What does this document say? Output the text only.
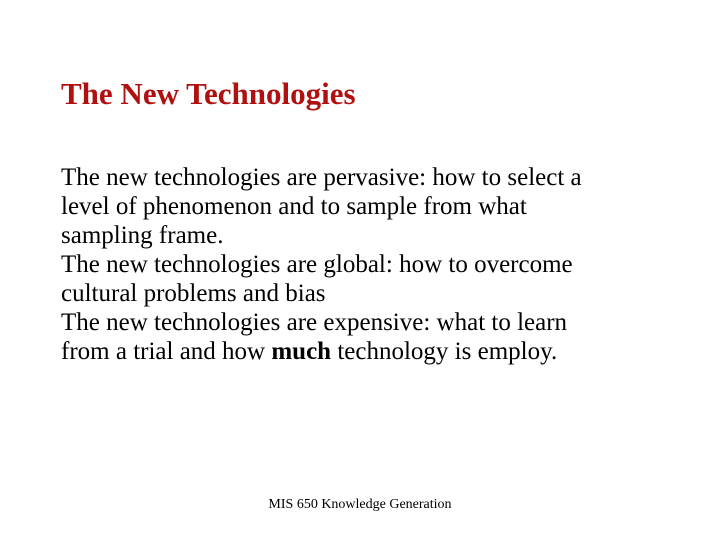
The New Technologies
The new technologies are pervasive: how to select a
level of phenomenon and to sample from what
sampling frame.
The new technologies are global: how to overcome
cultural problems and bias
The new technologies are expensive: what to learn
from a trial and how much technology is employ.
MIS 650 Knowledge Generation
